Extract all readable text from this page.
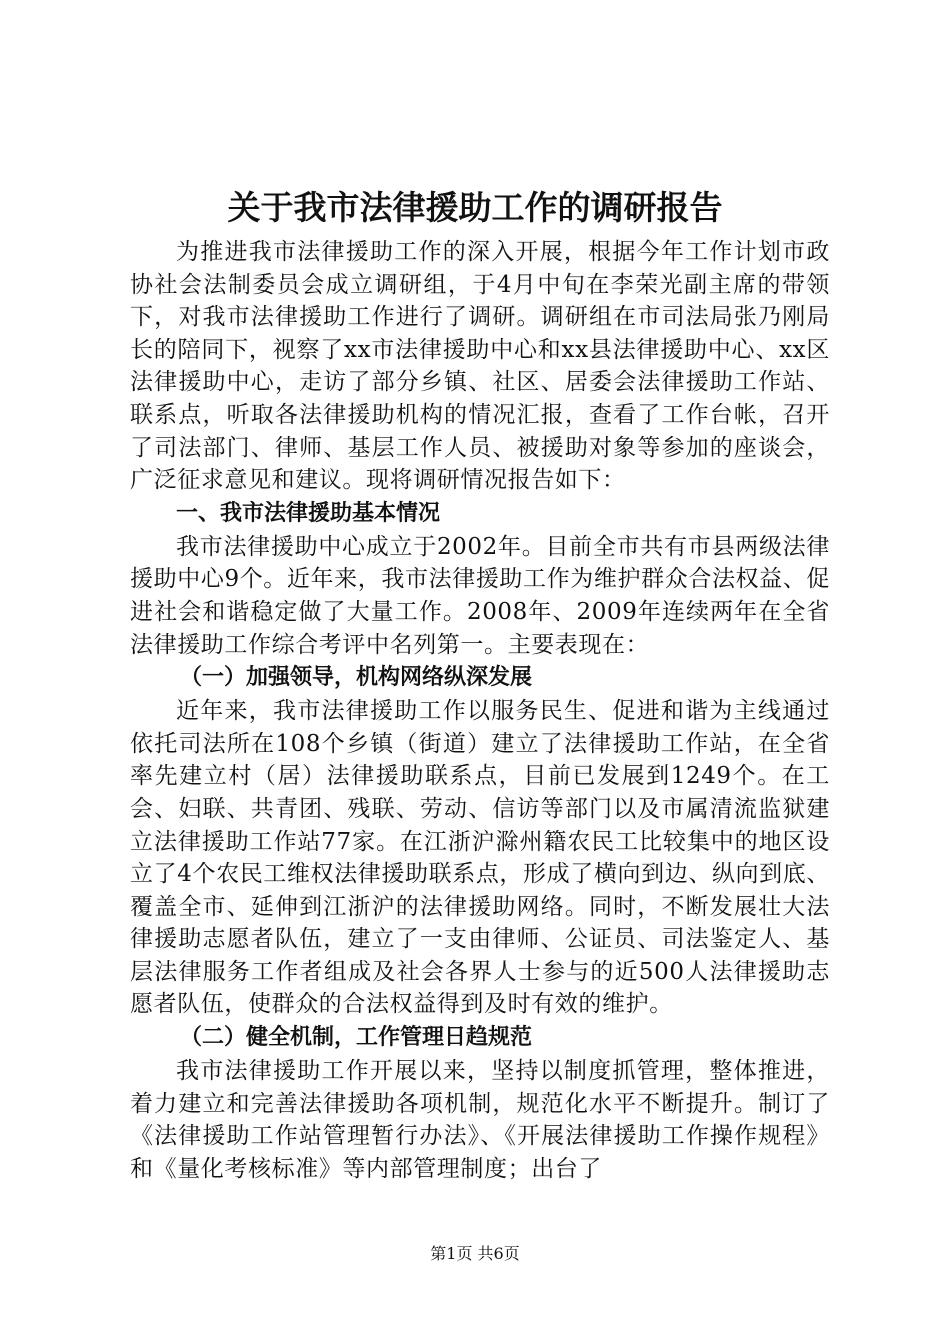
关于我市法律援助工作的调研报告

为推进我市法律援助工作的深入开展，根据今年工作计划市政协社会法制委员会成立调研组，于4月中旬在李荣光副主席的带领下，对我市法律援助工作进行了调研。调研组在市司法局张乃刚局长的陪同下，视察了xx市法律援助中心和xx县法律援助中心、xx区法律援助中心，走访了部分乡镇、社区、居委会法律援助工作站、联系点，听取各法律援助机构的情况汇报，查看了工作台帐，召开了司法部门、律师、基层工作人员、被援助对象等参加的座谈会，广泛征求意见和建议。现将调研情况报告如下：

一、我市法律援助基本情况

我市法律援助中心成立于2002年。目前全市共有市县两级法律援助中心9个。近年来，我市法律援助工作为维护群众合法权益、促进社会和谐稳定做了大量工作。2008年、2009年连续两年在全省法律援助工作综合考评中名列第一。主要表现在：

（一）加强领导，机构网络纵深发展

近年来，我市法律援助工作以服务民生、促进和谐为主线通过依托司法所在108个乡镇（街道）建立了法律援助工作站，在全省率先建立村（居）法律援助联系点，目前已发展到1249个。在工会、妇联、共青团、残联、劳动、信访等部门以及市属清流监狱建立法律援助工作站77家。在江浙沪滁州籍农民工比较集中的地区设立了4个农民工维权法律援助联系点，形成了横向到边、纵向到底、覆盖全市、延伸到江浙沪的法律援助网络。同时，不断发展壮大法律援助志愿者队伍，建立了一支由律师、公证员、司法鉴定人、基层法律服务工作者组成及社会各界人士参与的近500人法律援助志愿者队伍，使群众的合法权益得到及时有效的维护。

（二）健全机制，工作管理日趋规范

我市法律援助工作开展以来，坚持以制度抓管理，整体推进，着力建立和完善法律援助各项机制，规范化水平不断提升。制订了《法律援助工作站管理暂行办法》、《开展法律援助工作操作规程》和《量化考核标准》等内部管理制度；出台了

第1页 共6页
